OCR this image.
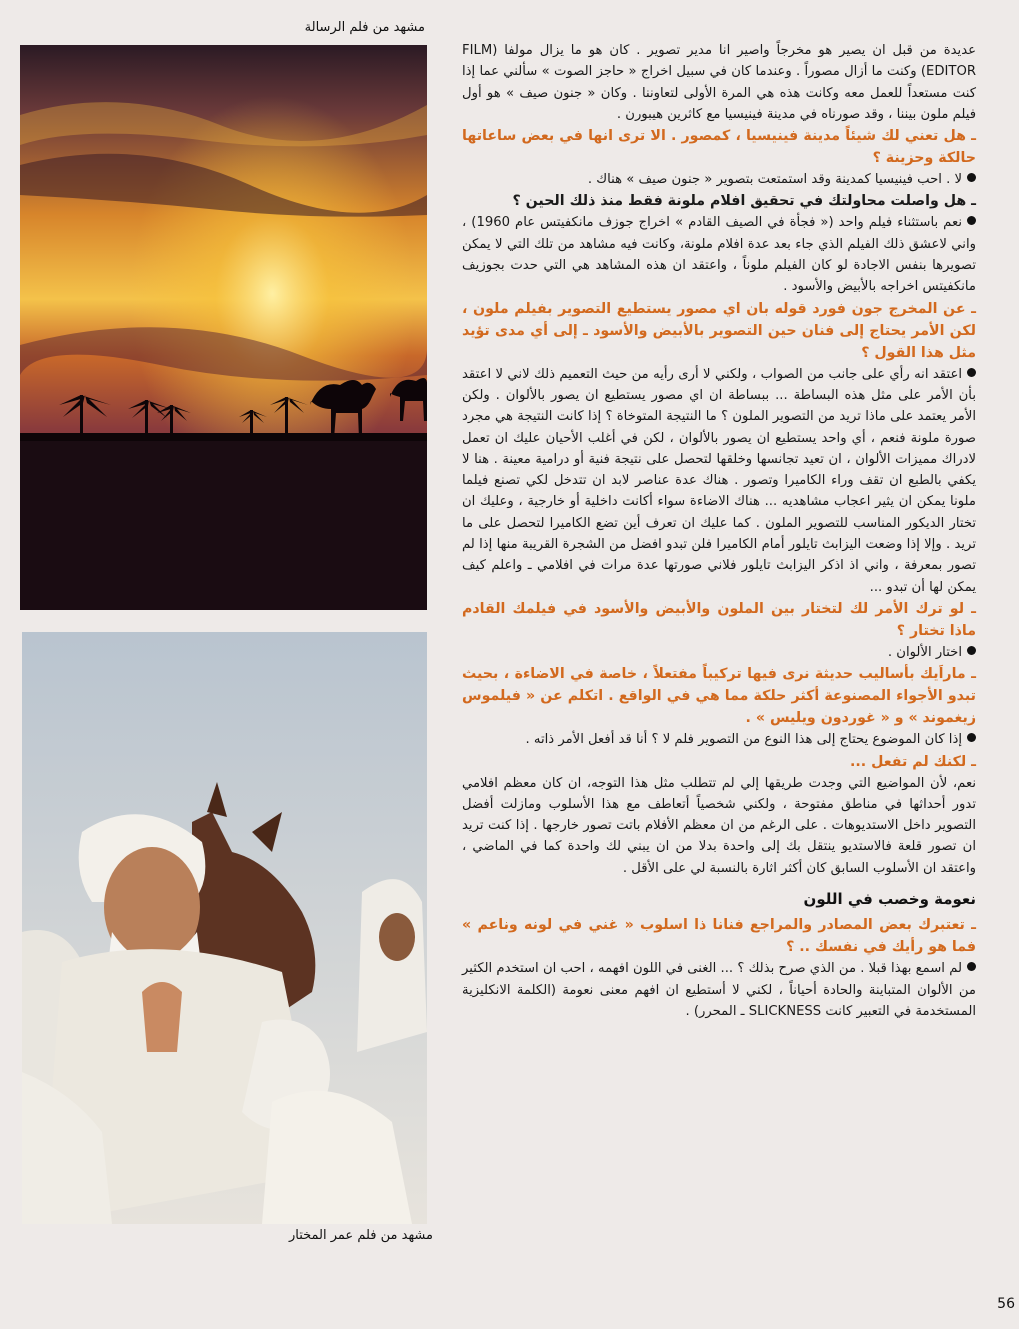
مشهد من فلم الرسالة
مشهد من فلم عمر المختار

عديدة من قبل ان يصير هو مخرجاً واصير انا مدير تصوير . كان هو ما يزال مولفا (FILM EDITOR) وكنت ما أزال مصوراً . وعندما كان في سبيل اخراج « حاجز الصوت » سألني عما إذا كنت مستعداً للعمل معه وكانت هذه هي المرة الأولى لتعاوننا . وكان « جنون صيف » هو أول فيلم ملون بيننا ، وقد صورناه في مدينة فينيسيا مع كاثرين هيبورن .

ـ هل تعني لك شيئاً مدينة فينيسيا ، كمصور . الا ترى انها في بعض ساعاتها حالكة وحزينة ؟

لا . احب فينيسيا كمدينة وقد استمتعت بتصوير « جنون صيف » هناك .

ـ هل واصلت محاولتك في تحقيق افلام ملونة فقط منذ ذلك الحين ؟

نعم باستثناء فيلم واحد (« فجأة في الصيف القادم » اخراج جوزف مانكفيتس عام 1960) ، واني لاعشق ذلك الفيلم الذي جاء بعد عدة افلام ملونة، وكانت فيه مشاهد من تلك التي لا يمكن تصويرها بنفس الاجادة لو كان الفيلم ملوناً ، واعتقد ان هذه المشاهد هي التي حدت بجوزيف مانكفيتس اخراجه بالأبيض والأسود .

ـ عن المخرج جون فورد قوله بان اي مصور يستطيع التصوير بفيلم ملون ، لكن الأمر يحتاج إلى فنان حين التصوير بالأبيض والأسود ـ إلى أي مدى تؤيد مثل هذا القول ؟

اعتقد انه رأي على جانب من الصواب ، ولكني لا أرى رأيه من حيث التعميم ذلك لاني لا اعتقد بأن الأمر على مثل هذه البساطة ... ببساطة ان اي مصور يستطيع ان يصور بالألوان . ولكن الأمر يعتمد على ماذا تريد من التصوير الملون ؟ ما النتيجة المتوخاة ؟ إذا كانت النتيجة هي مجرد صورة ملونة فنعم ، أي واحد يستطيع ان يصور بالألوان ، لكن في أغلب الأحيان عليك ان تعمل لادراك مميزات الألوان ، ان تعيد تجانسها وخلقها لتحصل على نتيجة فنية أو درامية معينة . هنا لا يكفي بالطبع ان تقف وراء الكاميرا وتصور . هناك عدة عناصر لابد ان تتدخل لكي تصنع فيلما ملونا يمكن ان يثير اعجاب مشاهديه ... هناك الاضاءة سواء أكانت داخلية أو خارجية ، وعليك ان تختار الديكور المناسب للتصوير الملون . كما عليك ان تعرف أين تضع الكاميرا لتحصل على ما تريد . وإلا إذا وضعت اليزابث تايلور أمام الكاميرا فلن تبدو افضل من الشجرة القريبة منها إذا لم تصور بمعرفة ، واني اذ اذكر اليزابث تايلور فلاني صورتها عدة مرات في افلامي ـ واعلم كيف يمكن لها أن تبدو ...

ـ لو ترك الأمر لك لتختار بين الملون والأبيض والأسود في فيلمك القادم ماذا تختار ؟

اختار الألوان .

ـ ماراَيك بأساليب حديثة نرى فيها تركيباً مفتعلاً ، خاصة في الاضاءة ، بحيث تبدو الأجواء المصنوعة أكثر حلكة مما هي في الواقع . اتكلم عن « فيلموس زيغموند » و « غوردون ويليس » .

إذا كان الموضوع يحتاج إلى هذا النوع من التصوير فلم لا ؟ أنا قد أفعل الأمر ذاته .

ـ لكنك لم تفعل ...

نعم، لأن المواضيع التي وجدت طريقها إلي لم تتطلب مثل هذا التوجه، ان كان معظم افلامي تدور أحداثها في مناطق مفتوحة ، ولكني شخصياً أتعاطف مع هذا الأسلوب ومازلت أفضل التصوير داخل الاستديوهات . على الرغم من ان معظم الأفلام باتت تصور خارجها . إذا كنت تريد ان تصور قلعة فالاستديو ينتقل بك إلى واحدة بدلا من ان يبني لك واحدة كما في الماضي ، واعتقد ان الأسلوب السابق كان أكثر اثارة بالنسبة لي على الأقل .

نعومة وخصب في اللون

ـ تعتبرك بعض المصادر والمراجع فنانا ذا اسلوب « غني في لونه وناعم » فما هو رأيك في نفسك .. ؟

لم اسمع بهذا قبلا . من الذي صرح بذلك ؟ ... الغنى في اللون افهمه ، احب ان استخدم الكثير من الألوان المتباينة والحادة أحياناً ، لكني لا أستطيع ان افهم معنى نعومة (الكلمة الانكليزية المستخدمة في التعبير كانت SLICKNESS ـ المحرر) .

56
